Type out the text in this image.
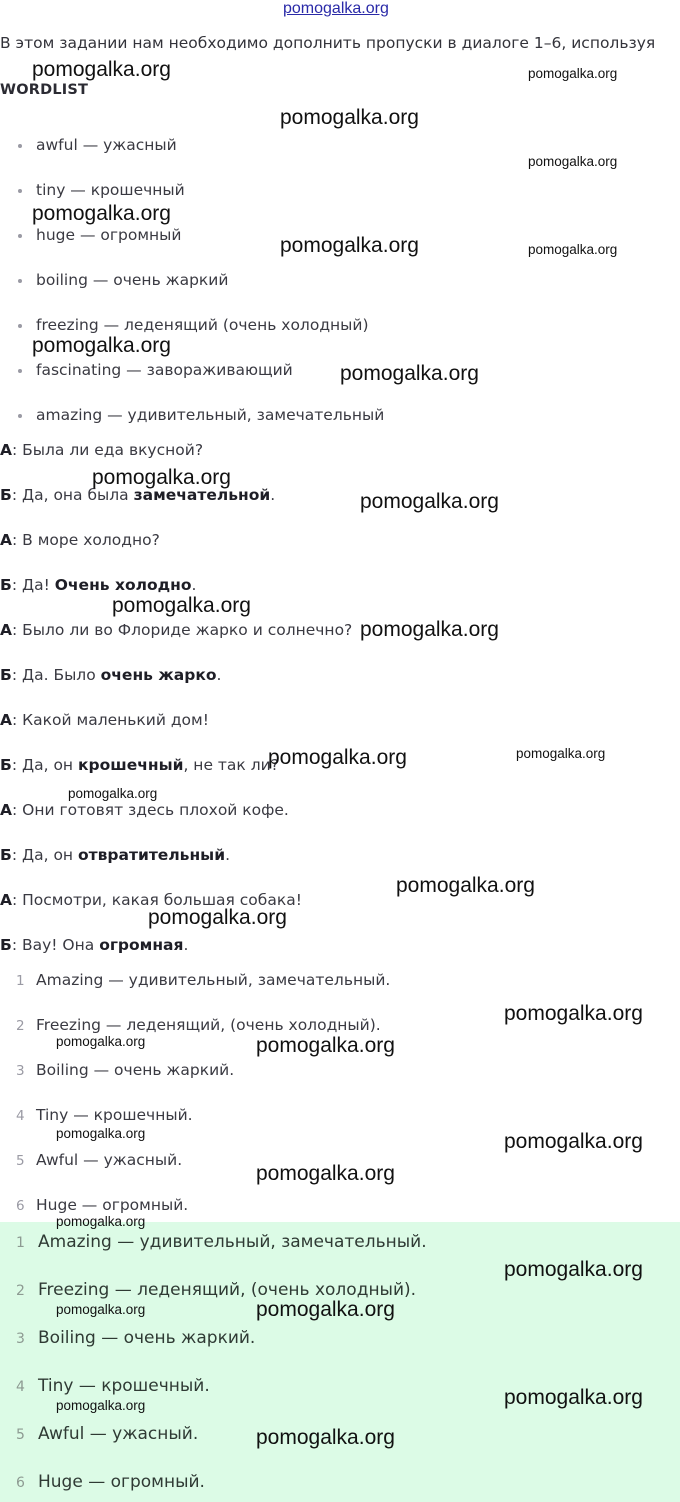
pomogalka.org
В этом задании нам необходимо дополнить пропуски в диалоге 1–6, используя
WORDLIST
awful — ужасный
tiny — крошечный
huge — огромный
boiling — очень жаркий
freezing — леденящий (очень холодный)
fascinating — завораживающий
amazing — удивительный, замечательный
А: Была ли еда вкусной?
Б: Да, она была замечательной.
А: В море холодно?
Б: Да! Очень холодно.
А: Было ли во Флориде жарко и солнечно?
Б: Да. Было очень жарко.
А: Какой маленький дом!
Б: Да, он крошечный, не так ли?
А: Они готовят здесь плохой кофе.
Б: Да, он отвратительный.
А: Посмотри, какая большая собака!
Б: Вау! Она огромная.
1 Amazing — удивительный, замечательный.
2 Freezing — леденящий, (очень холодный).
3 Boiling — очень жаркий.
4 Tiny — крошечный.
5 Awful — ужасный.
6 Huge — огромный.
1 Amazing — удивительный, замечательный.
2 Freezing — леденящий, (очень холодный).
3 Boiling — очень жаркий.
4 Tiny — крошечный.
5 Awful — ужасный.
6 Huge — огромный.
pomogalka.org	pomogalka.org
pomogalka.org
pomogalka.org
pomogalka.org
pomogalka.org	pomogalka.org
pomogalka.org
pomogalka.org
pomogalka.org
pomogalka.org
pomogalka.org
pomogalka.org
pomogalka.org	pomogalka.org
pomogalka.org
pomogalka.org
pomogalka.org
pomogalka.org
pomogalka.org	pomogalka.org
pomogalka.org	pomogalka.org
pomogalka.org
pomogalka.org
pomogalka.org
pomogalka.org	pomogalka.org
pomogalka.org
pomogalka.org
pomogalka.org
